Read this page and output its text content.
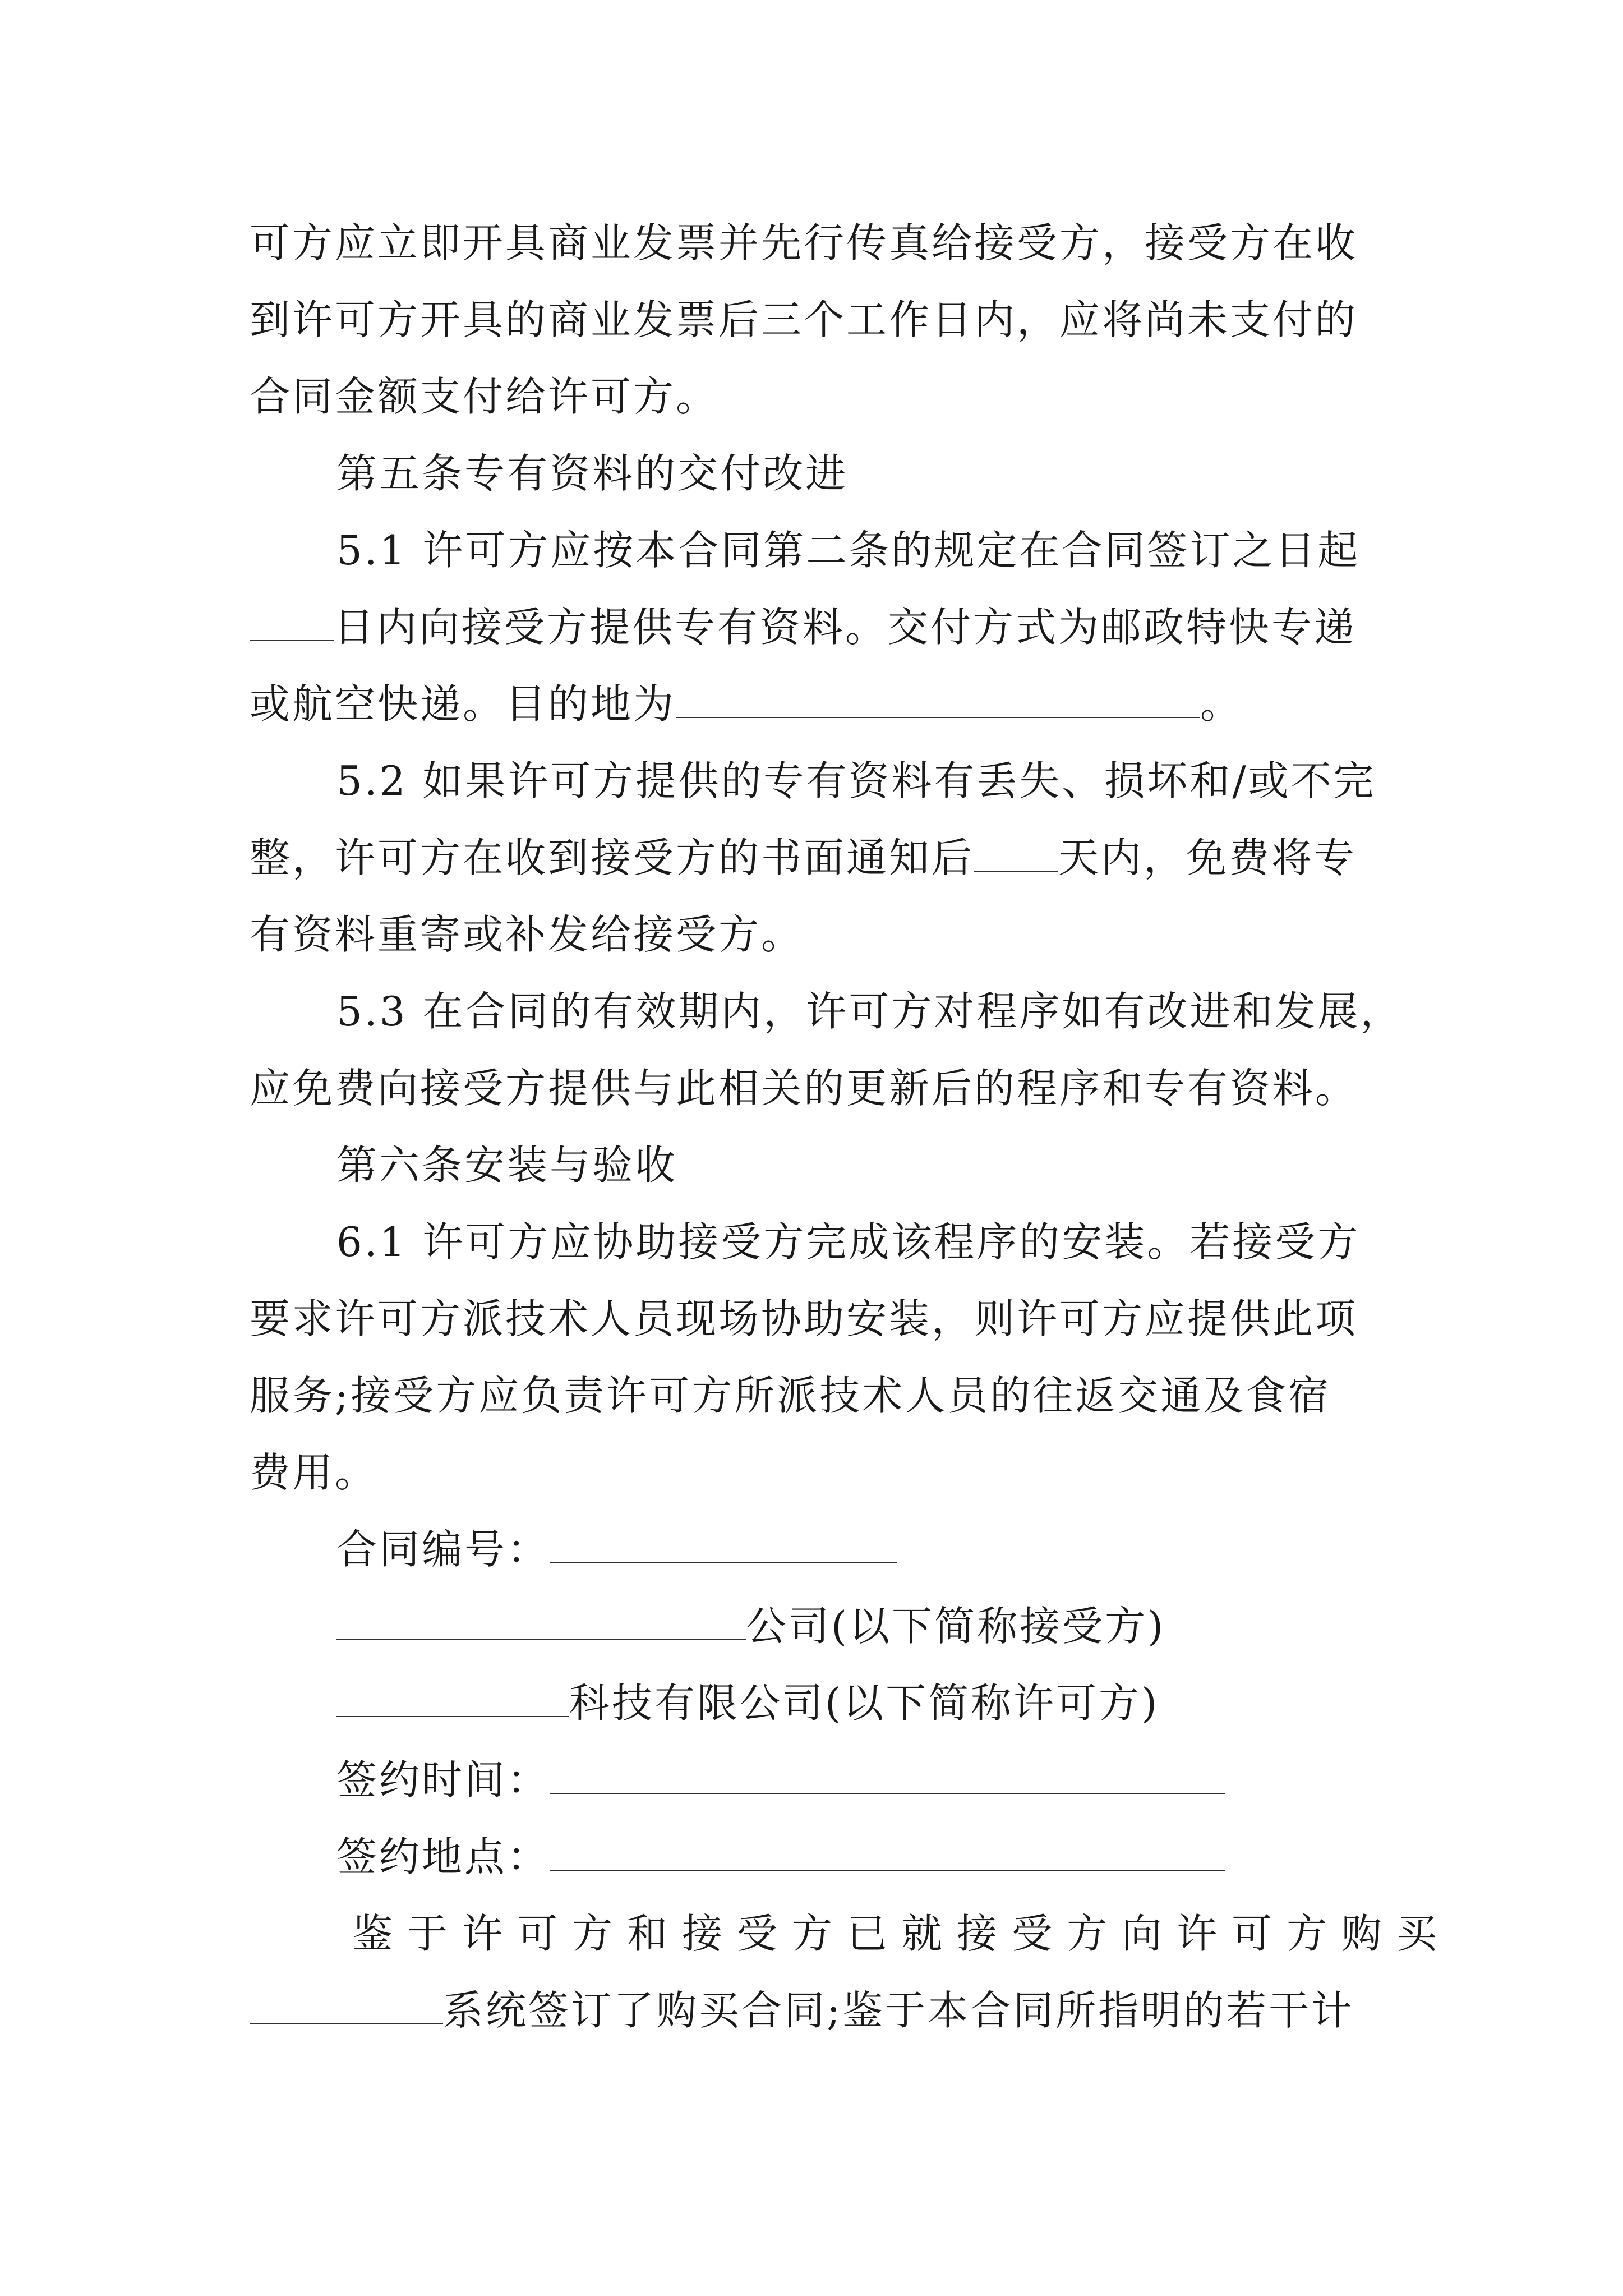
可方应立即开具商业发票并先行传真给接受方，接受方在收
到许可方开具的商业发票后三个工作日内，应将尚未支付的
合同金额支付给许可方。
第五条专有资料的交付改进
5.1 许可方应按本合同第二条的规定在合同签订之日起
日内向接受方提供专有资料。交付方式为邮政特快专递
或航空快递。目的地为	。
5.2 如果许可方提供的专有资料有丢失、损坏和/或不完
整，许可方在收到接受方的书面通知后 天内，免费将专
有资料重寄或补发给接受方。
5.3 在合同的有效期内，许可方对程序如有改进和发展，
应免费向接受方提供与此相关的更新后的程序和专有资料。
第六条安装与验收
6.1 许可方应协助接受方完成该程序的安装。若接受方
要求许可方派技术人员现场协助安装，则许可方应提供此项
服务;接受方应负责许可方所派技术人员的往返交通及食宿
费用。
合同编号：
公司(以下简称接受方)
科技有限公司(以下简称许可方)
签约时间：
签约地点：
鉴于许可方和接受方已就接受方向许可方购买
系统签订了购买合同;鉴于本合同所指明的若干计
